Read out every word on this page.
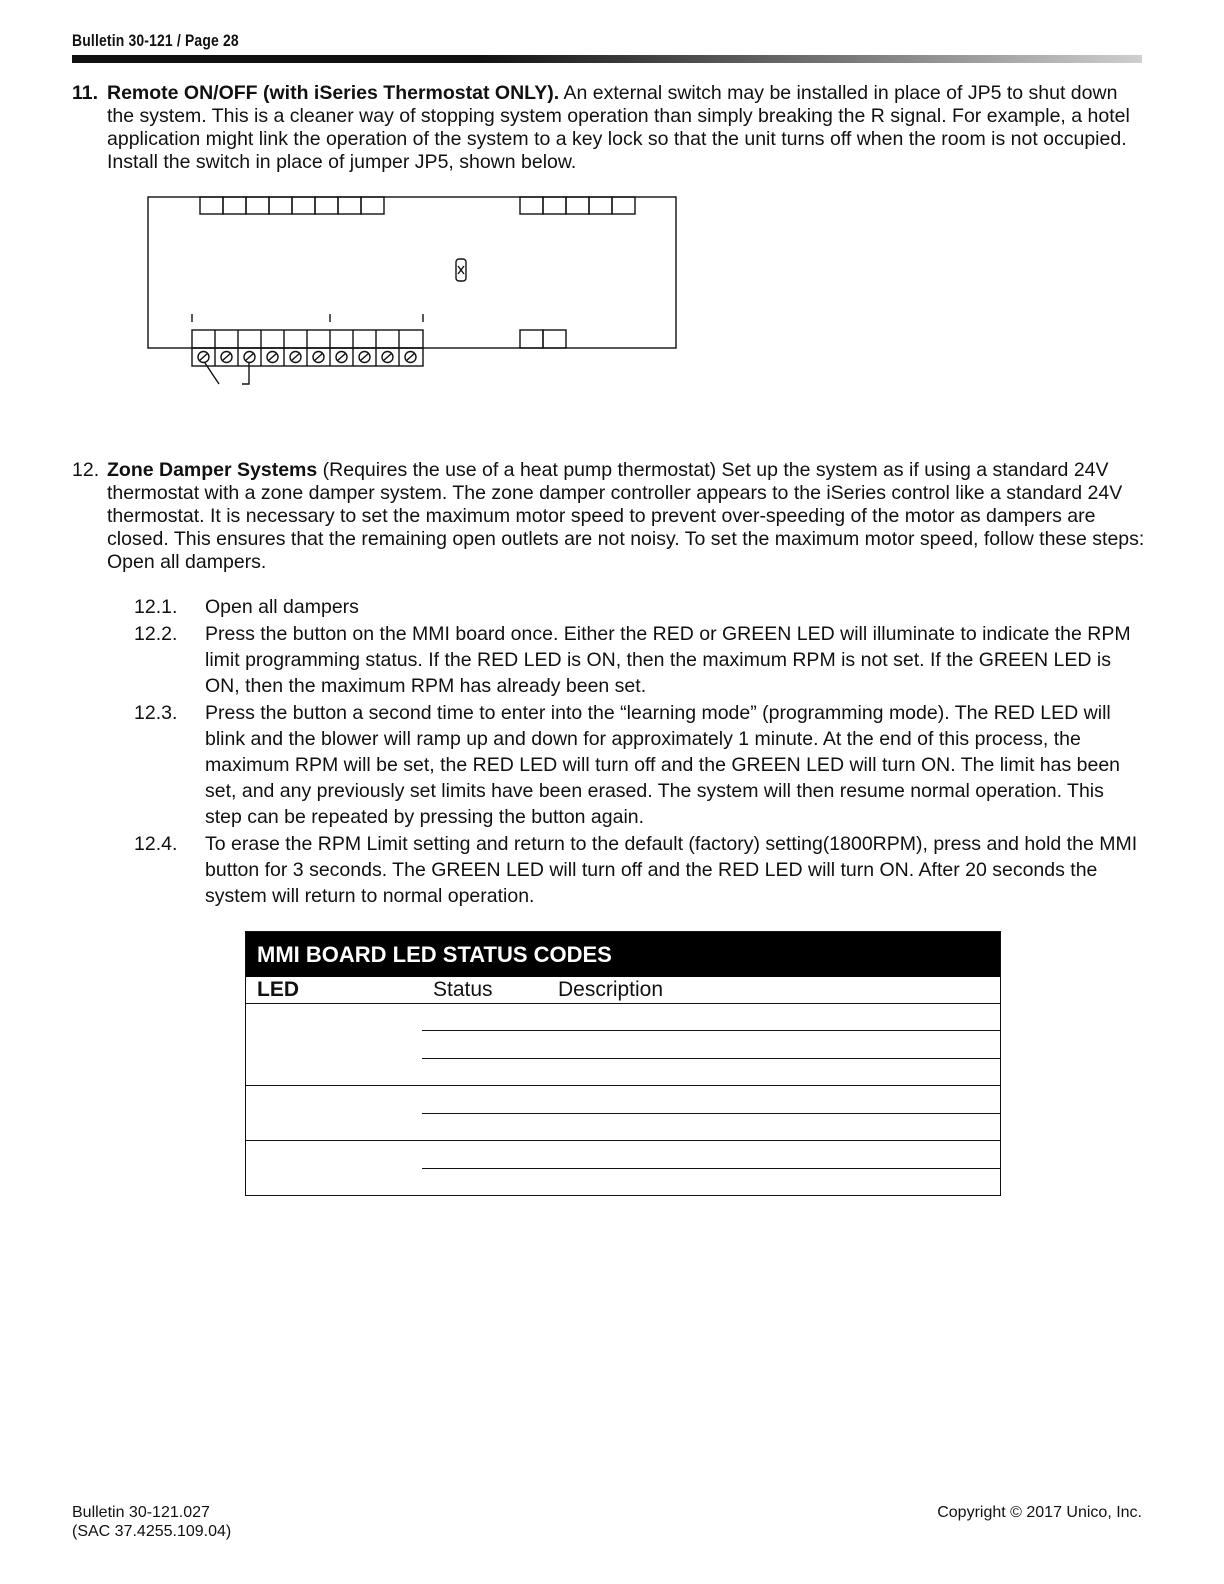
Bulletin 30-121 / Page 28
11. Remote ON/OFF (with iSeries Thermostat ONLY). An external switch may be installed in place of JP5 to shut down the system. This is a cleaner way of stopping system operation than simply breaking the R signal. For example, a hotel application might link the operation of the system to a key lock so that the unit turns off when the room is not occupied. Install the switch in place of jumper JP5, shown below.
12. Zone Damper Systems (Requires the use of a heat pump thermostat) Set up the system as if using a standard 24V thermostat with a zone damper system. The zone damper controller appears to the iSeries control like a standard 24V thermostat. It is necessary to set the maximum motor speed to prevent over-speeding of the motor as dampers are closed. This ensures that the remaining open outlets are not noisy. To set the maximum motor speed, follow these steps: Open all dampers.
12.1. Open all dampers
12.2. Press the button on the MMI board once. Either the RED or GREEN LED will illuminate to indicate the RPM limit programming status. If the RED LED is ON, then the maximum RPM is not set. If the GREEN LED is ON, then the maximum RPM has already been set.
12.3. Press the button a second time to enter into the “learning mode” (programming mode). The RED LED will blink and the blower will ramp up and down for approximately 1 minute. At the end of this process, the maximum RPM will be set, the RED LED will turn off and the GREEN LED will turn ON. The limit has been set, and any previously set limits have been erased. The system will then resume normal operation. This step can be repeated by pressing the button again.
12.4. To erase the RPM Limit setting and return to the default (factory) setting(1800RPM), press and hold the MMI button for 3 seconds. The GREEN LED will turn off and the RED LED will turn ON. After 20 seconds the system will return to normal operation.
MMI BOARD LED STATUS CODES
LED	Status	Description
Bulletin 30-121.027
(SAC 37.4255.109.04)
Copyright © 2017 Unico, Inc.
